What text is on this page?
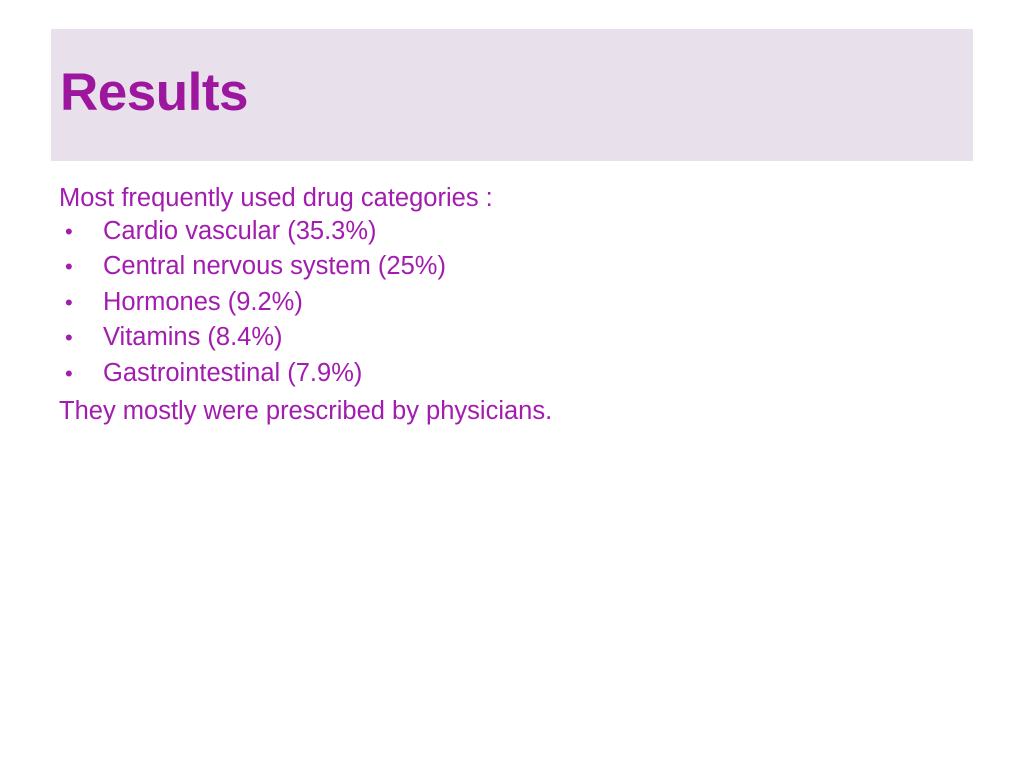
Results
Most frequently used drug categories :
• Cardio vascular (35.3%)
• Central nervous system (25%)
• Hormones (9.2%)
• Vitamins (8.4%)
• Gastrointestinal (7.9%)
They mostly were prescribed by physicians.
